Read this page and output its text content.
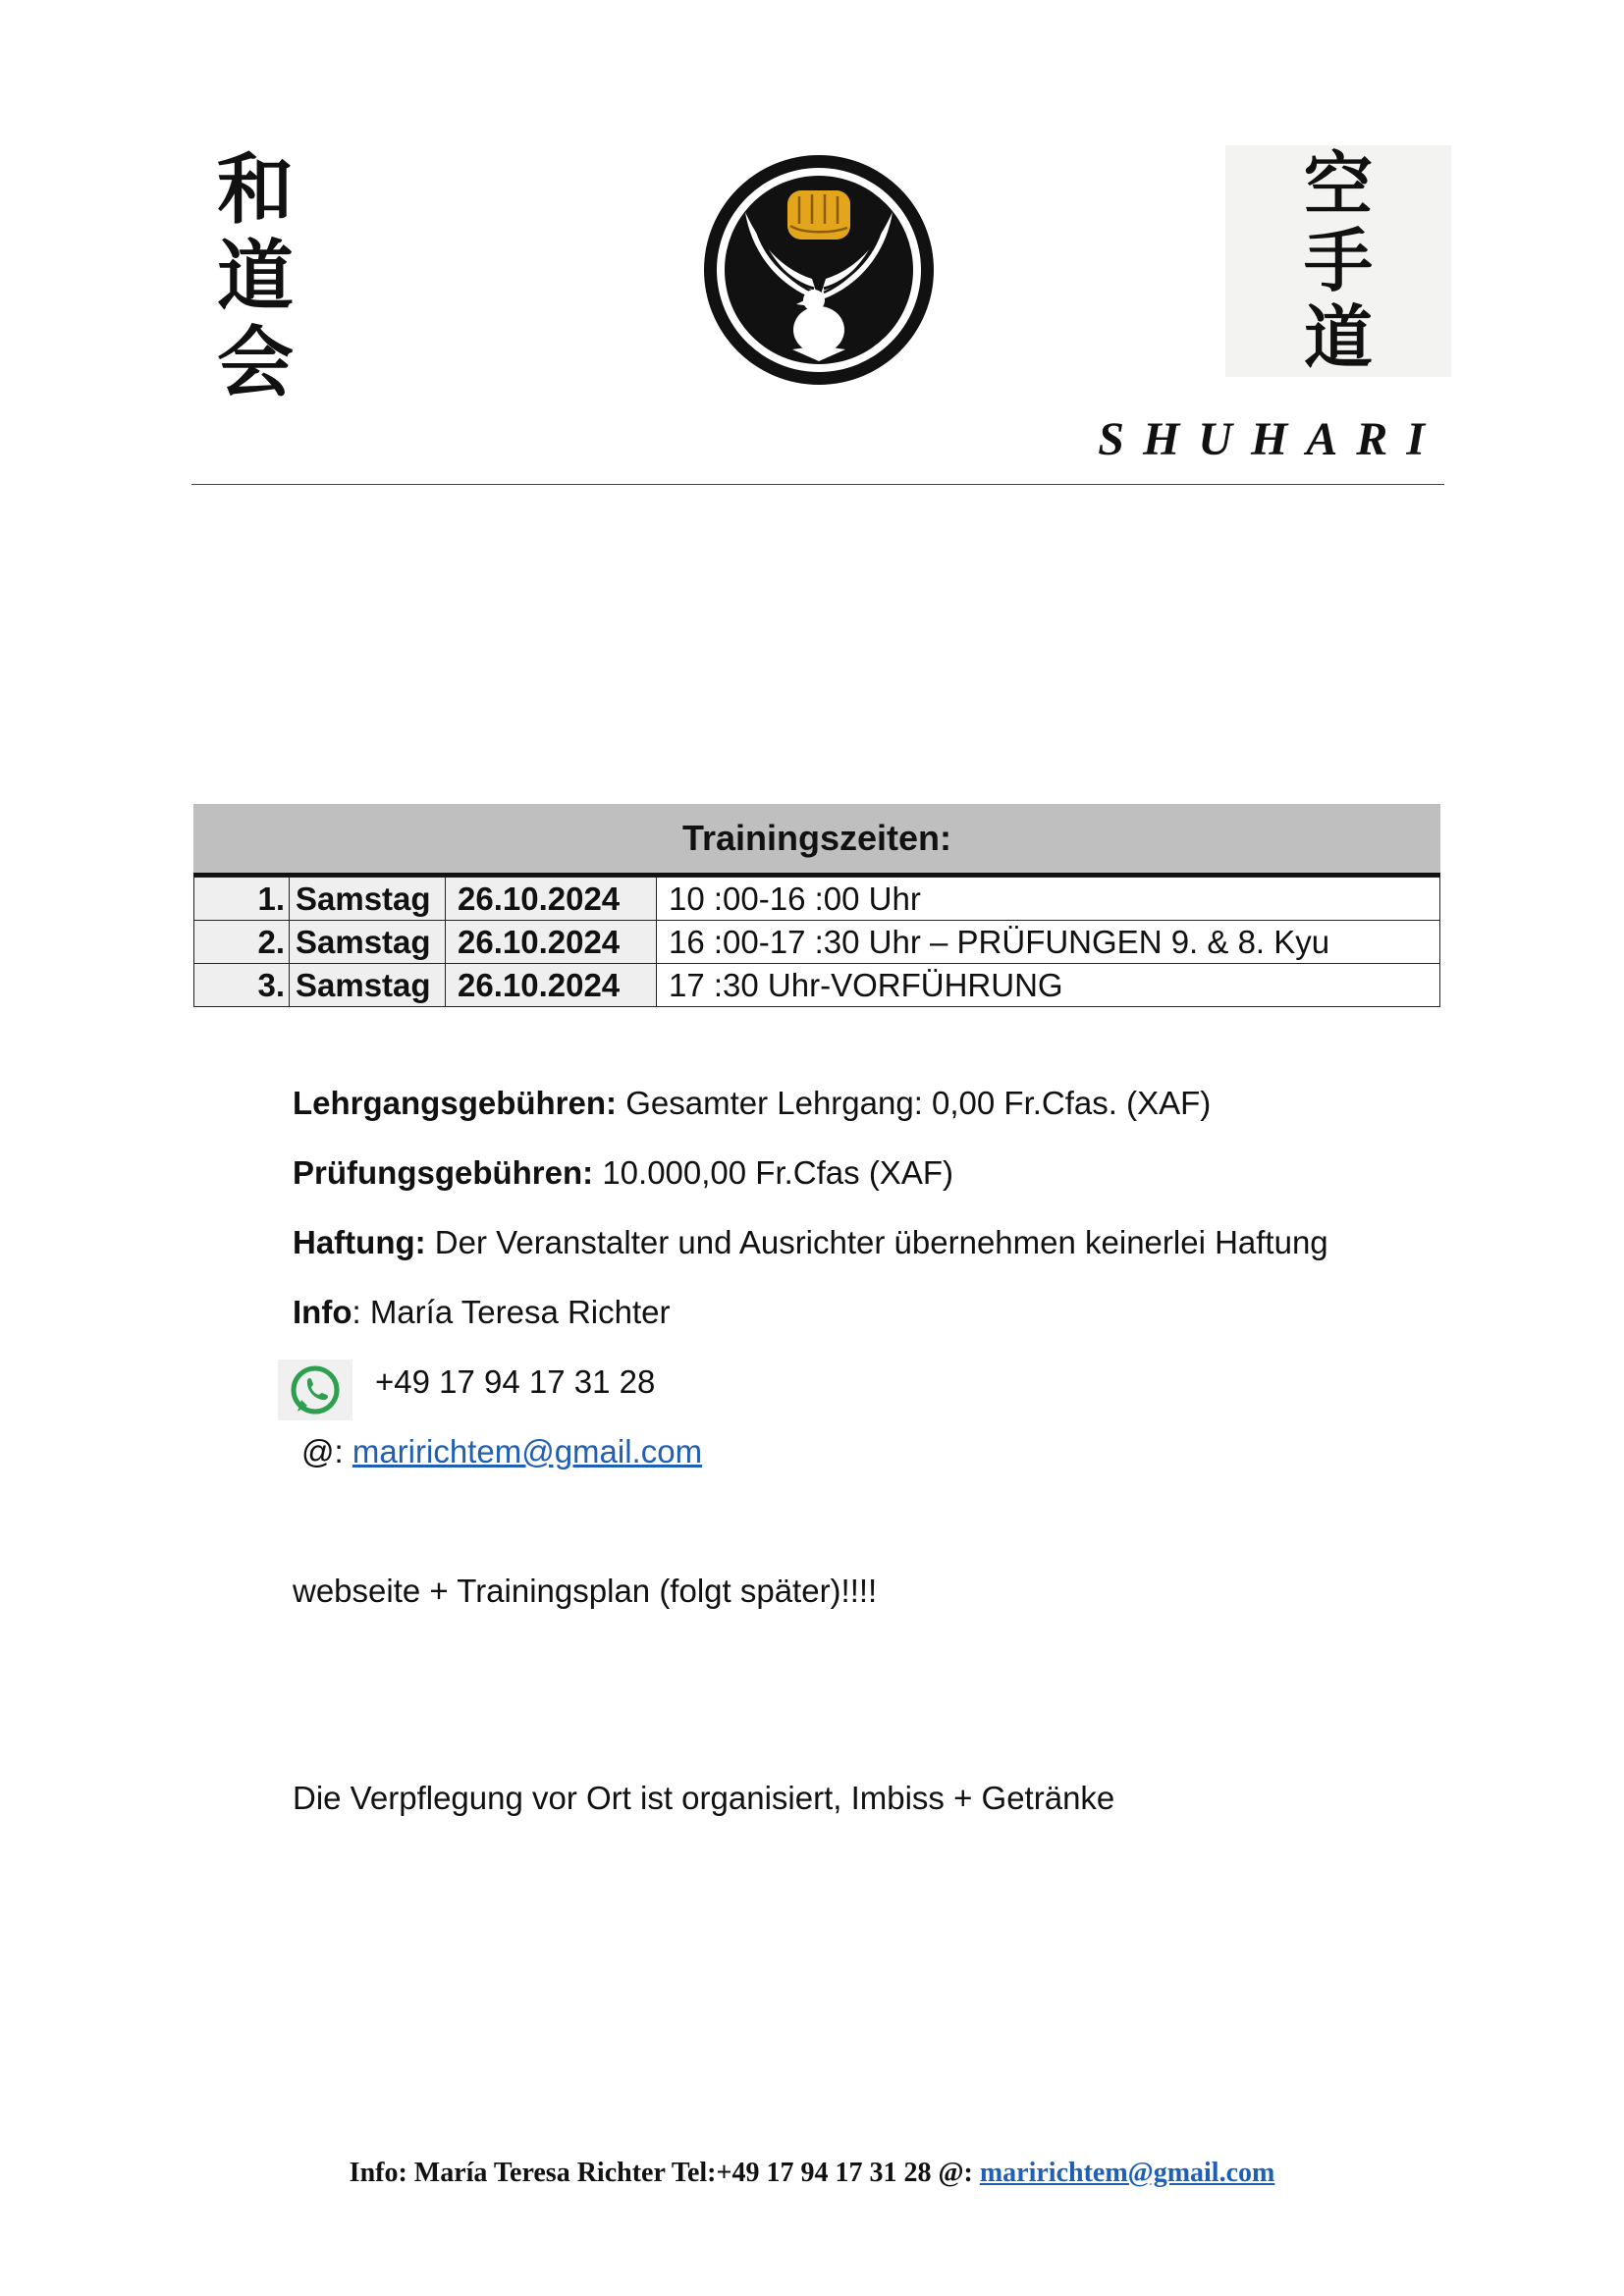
和
道
会
空
手
道
SHUHARI
Trainingszeiten:
1.	Samstag	26.10.2024	10 :00-16 :00 Uhr
2.	Samstag	26.10.2024	16 :00-17 :30 Uhr – PRÜFUNGEN 9. & 8. Kyu
3.	Samstag	26.10.2024	17 :30 Uhr-VORFÜHRUNG
Lehrgangsgebühren: Gesamter Lehrgang: 0,00 Fr.Cfas. (XAF)
Prüfungsgebühren: 10.000,00 Fr.Cfas (XAF)
Haftung: Der Veranstalter und Ausrichter übernehmen keinerlei Haftung
Info: María Teresa Richter
+49 17 94 17 31 28
@: maririchtem@gmail.com
webseite + Trainingsplan (folgt später)!!!!
Die Verpflegung vor Ort ist organisiert, Imbiss + Getränke
Info: María Teresa Richter Tel:+49 17 94 17 31 28 @: maririchtem@gmail.com
